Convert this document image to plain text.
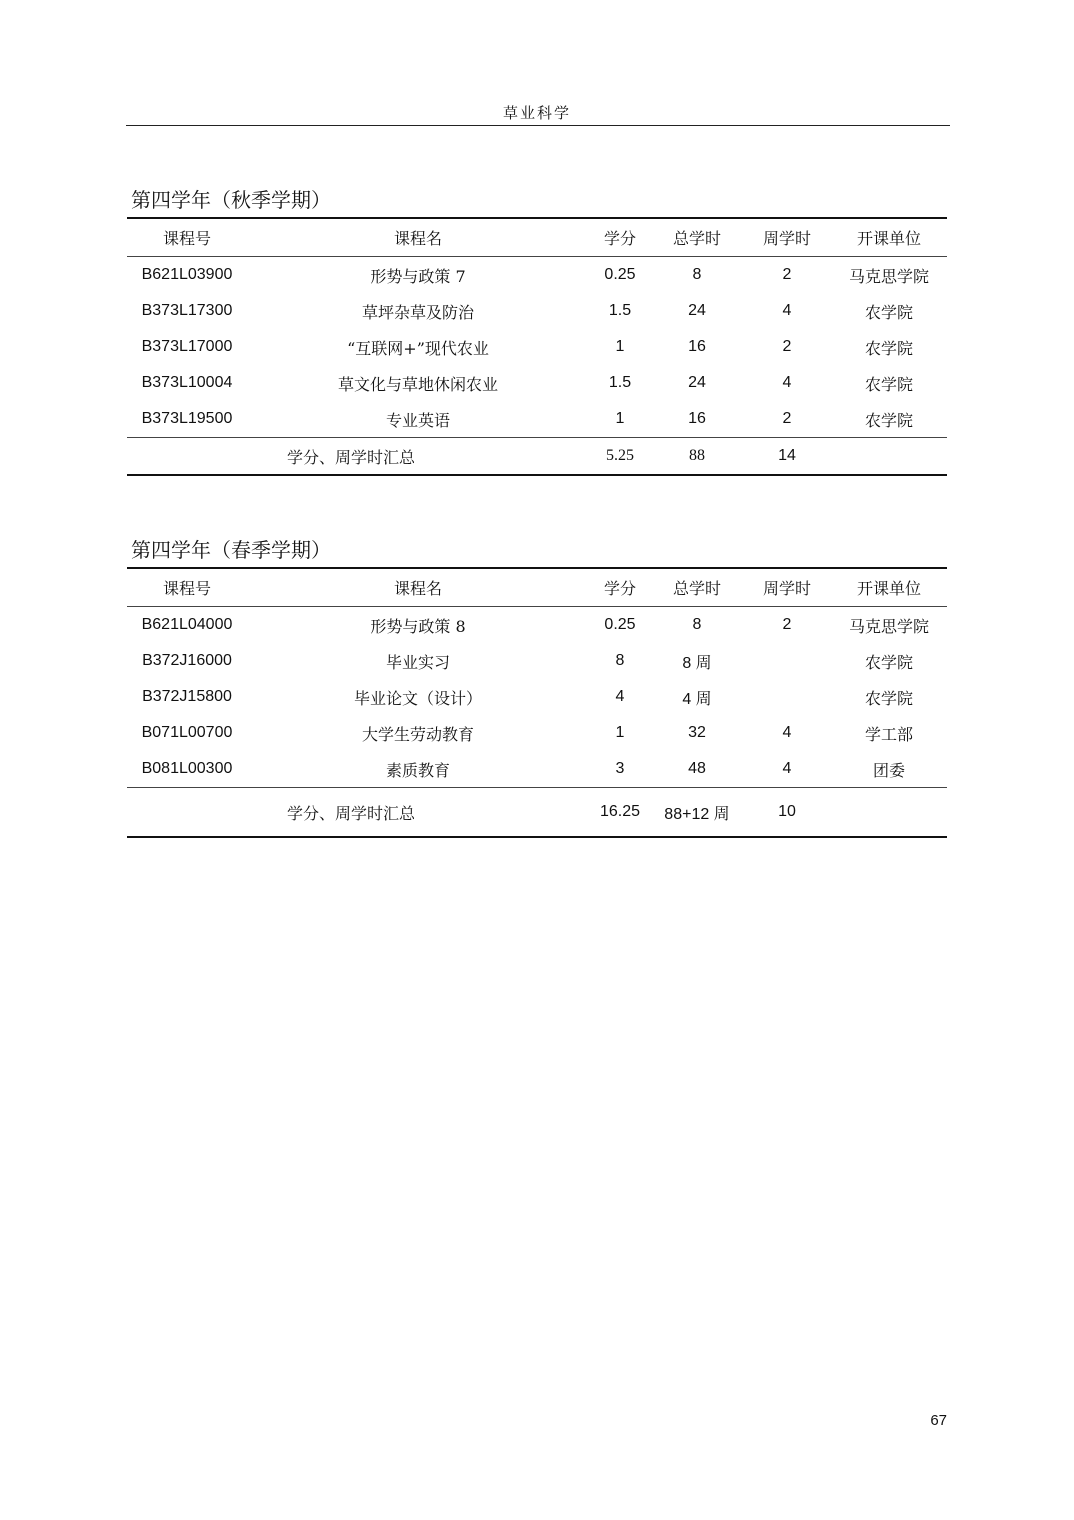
草业科学
第四学年（秋季学期）
课程号	课程名	学分	总学时	周学时	开课单位
B621L03900	形势与政策 7	0.25	8	2	马克思学院
B373L17300	草坪杂草及防治	1.5	24	4	农学院
B373L17000	“互联网+”现代农业	1	16	2	农学院
B373L10004	草文化与草地休闲农业	1.5	24	4	农学院
B373L19500	专业英语	1	16	2	农学院
学分、周学时汇总		5.25	88	14	
第四学年（春季学期）
课程号	课程名	学分	总学时	周学时	开课单位
B621L04000	形势与政策 8	0.25	8	2	马克思学院
B372J16000	毕业实习	8	8 周		农学院
B372J15800	毕业论文（设计）	4	4 周		农学院
B071L00700	大学生劳动教育	1	32	4	学工部
B081L00300	素质教育	3	48	4	团委
学分、周学时汇总		16.25	88+12 周	10	
67
